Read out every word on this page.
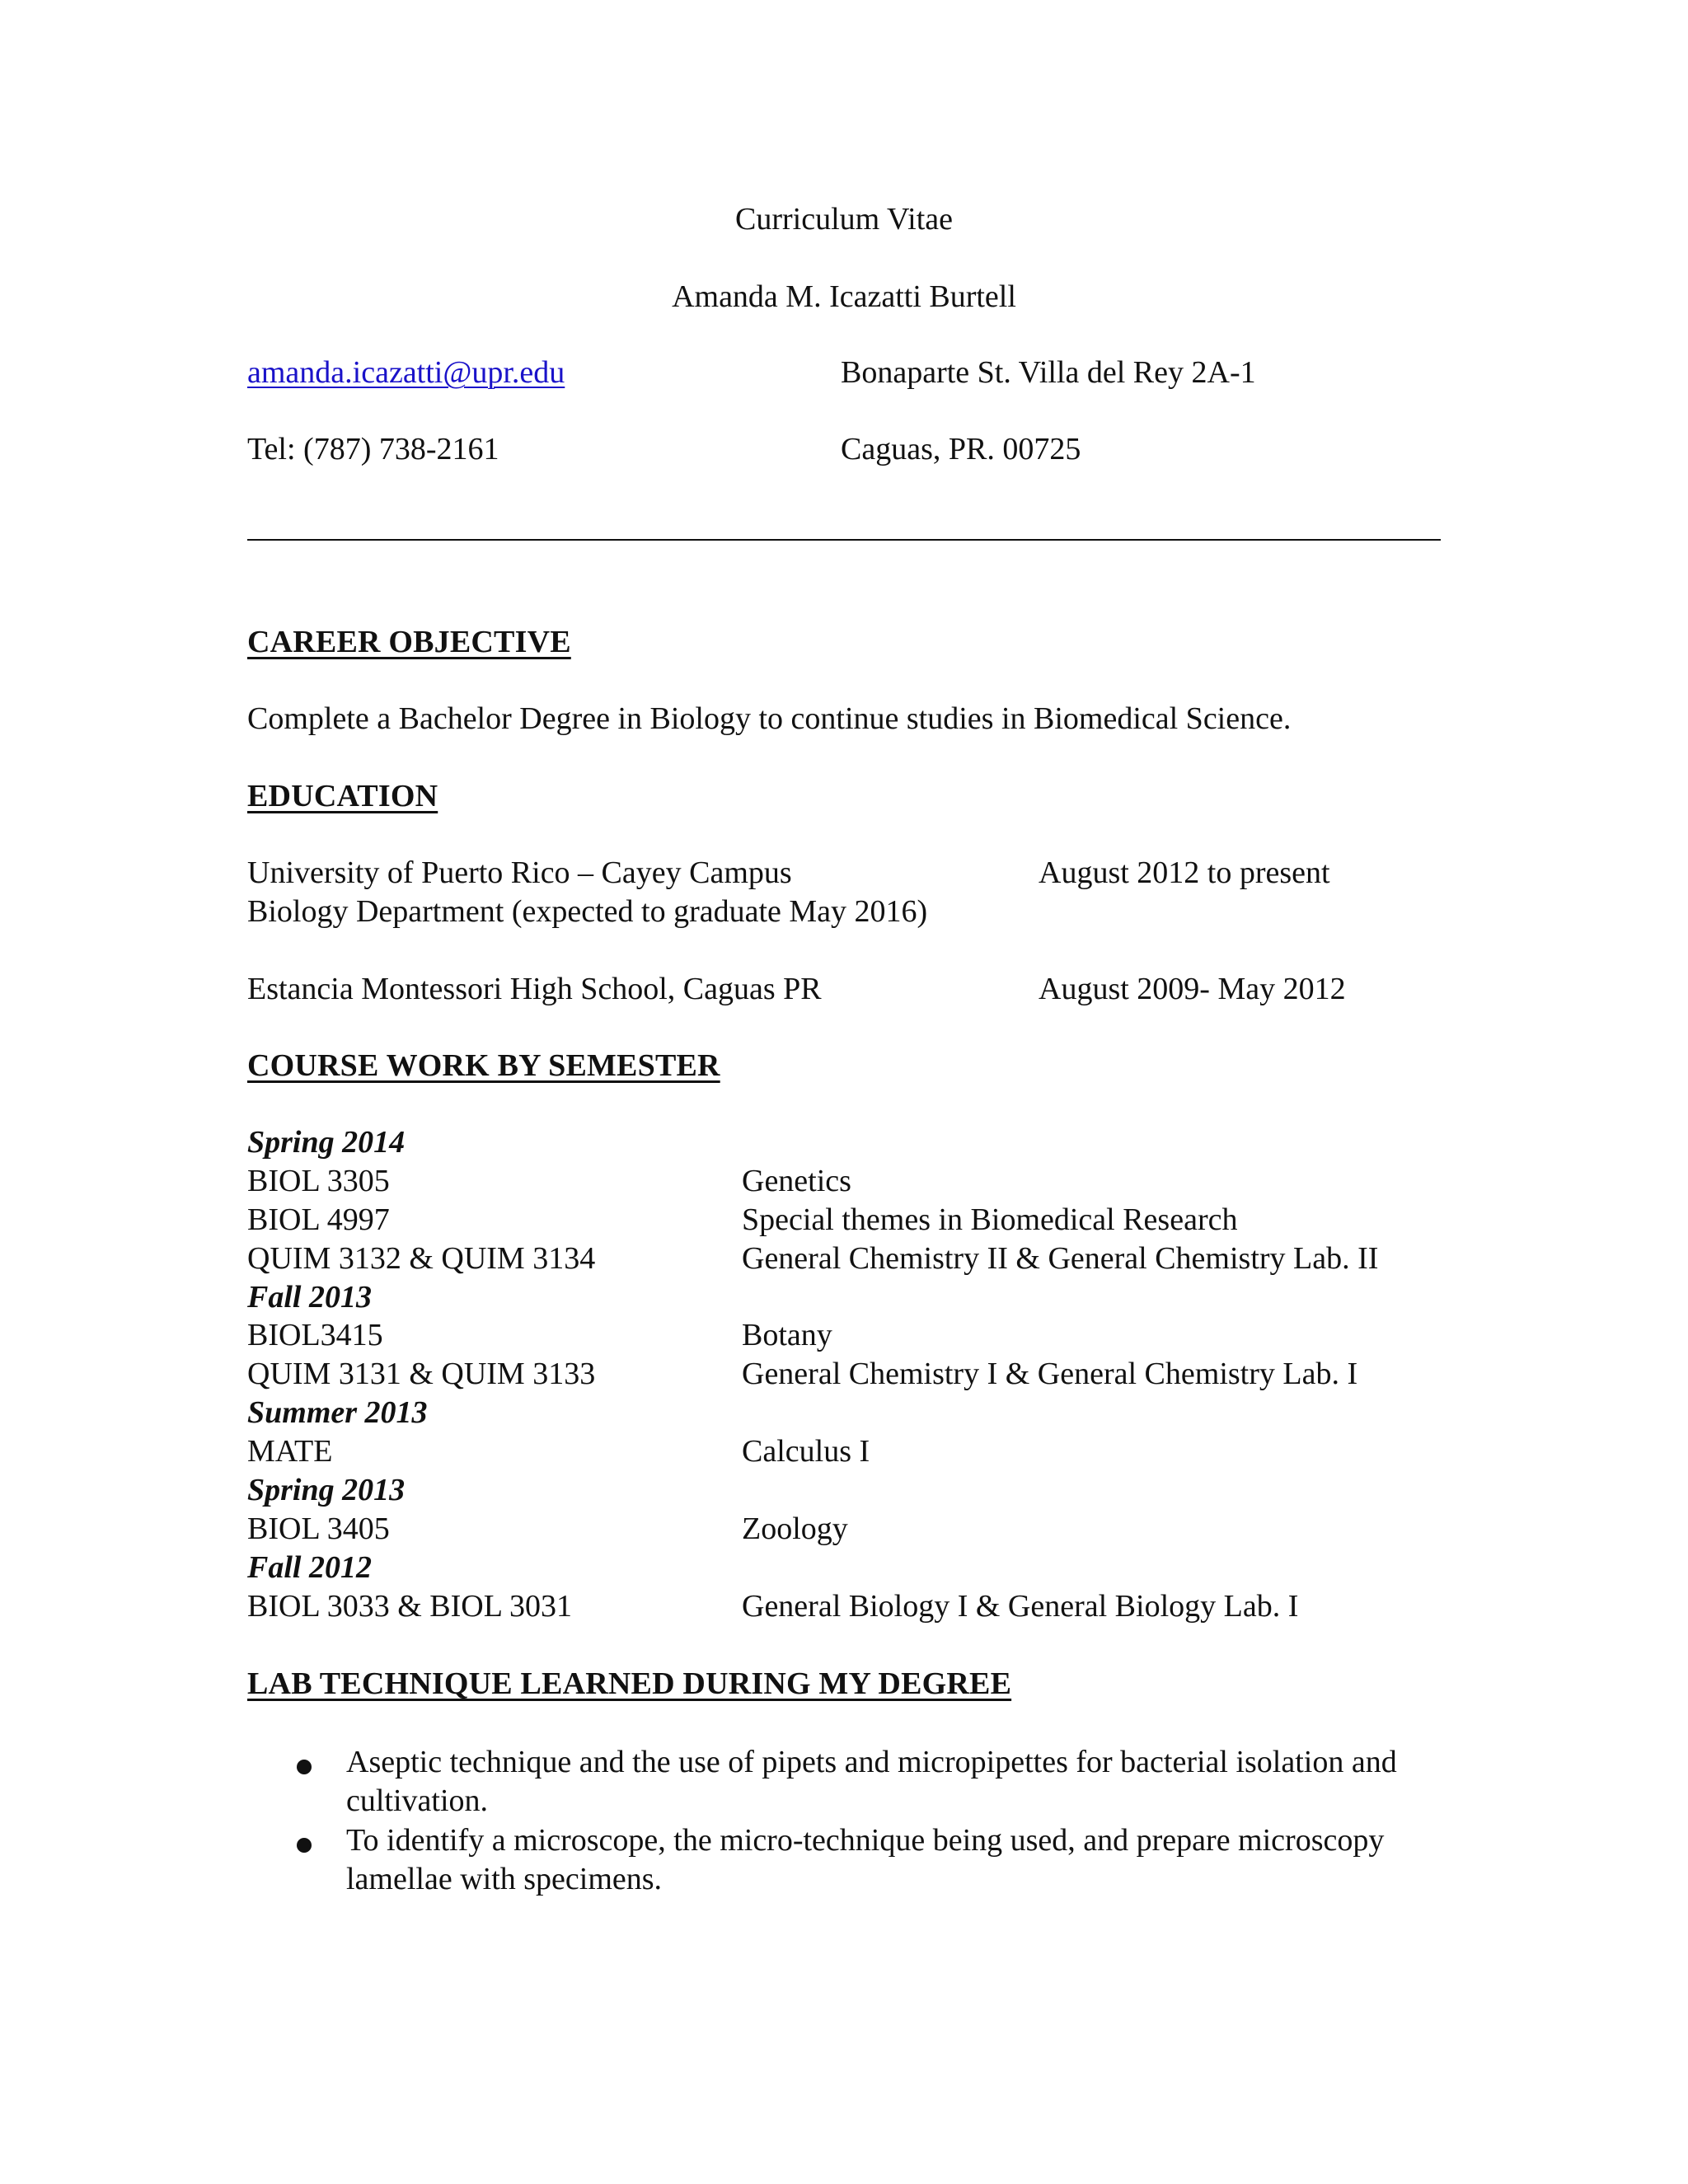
Curriculum Vitae
Amanda M. Icazatti Burtell
amanda.icazatti@upr.edu	Bonaparte St. Villa del Rey 2A-1
Tel: (787) 738-2161	Caguas, PR. 00725
CAREER OBJECTIVE
Complete a Bachelor Degree in Biology to continue studies in Biomedical Science.
EDUCATION
University of Puerto Rico – Cayey Campus	August 2012 to present
Biology Department (expected to graduate May 2016)
Estancia Montessori High School, Caguas PR	August 2009- May 2012
COURSE WORK BY SEMESTER
Spring 2014
BIOL 3305	Genetics
BIOL 4997	Special themes in Biomedical Research
QUIM 3132 & QUIM 3134	General Chemistry II & General Chemistry Lab. II
Fall 2013
BIOL3415	Botany
QUIM 3131 & QUIM 3133	General Chemistry I & General Chemistry Lab. I
Summer 2013
MATE	Calculus I
Spring 2013
BIOL 3405	Zoology
Fall 2012
BIOL 3033 & BIOL 3031	General Biology I & General Biology Lab. I
LAB TECHNIQUE LEARNED DURING MY DEGREE
Aseptic technique and the use of pipets and micropipettes for bacterial isolation and cultivation.
To identify a microscope, the micro-technique being used, and prepare microscopy lamellae with specimens.
